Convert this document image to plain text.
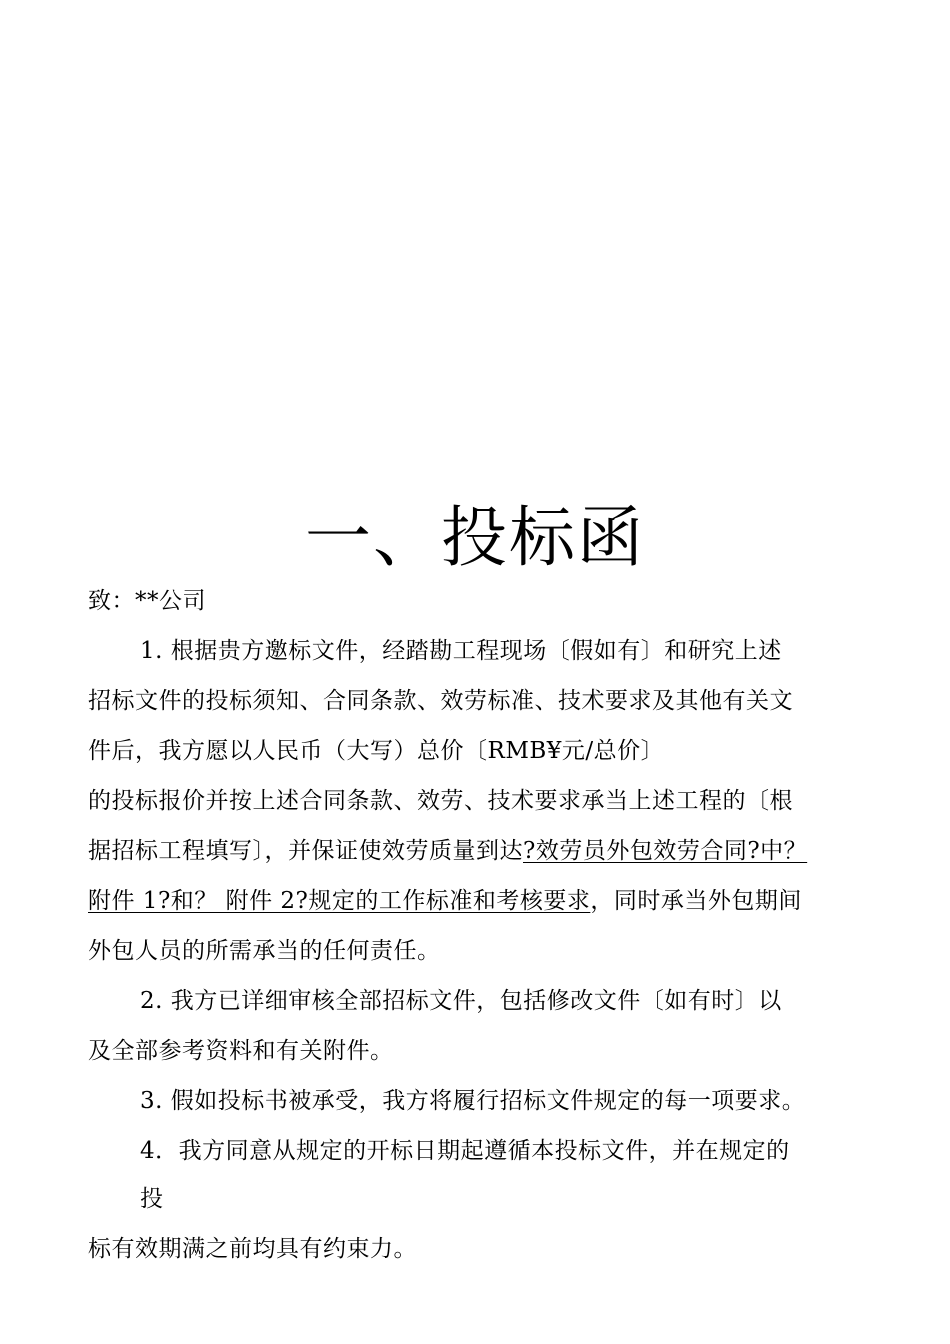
一、投标函
致：**公司
1. 根据贵方邀标文件，经踏勘工程现场〔假如有〕和研究上述
招标文件的投标须知、合同条款、效劳标准、技术要求及其他有关文
件后，我方愿以人民币（大写）总价〔RMB¥元/总价〕
的投标报价并按上述合同条款、效劳、技术要求承当上述工程的〔根
据招标工程填写〕，并保证使效劳质量到达?效劳员外包效劳合同?中？
附件 1?和？ 附件 2?规定的工作标准和考核要求，同时承当外包期间
外包人员的所需承当的任何责任。
2. 我方已详细审核全部招标文件，包括修改文件〔如有时〕以
及全部参考资料和有关附件。
3. 假如投标书被承受，我方将履行招标文件规定的每一项要求。
4．我方同意从规定的开标日期起遵循本投标文件，并在规定的
投
标有效期满之前均具有约束力。
